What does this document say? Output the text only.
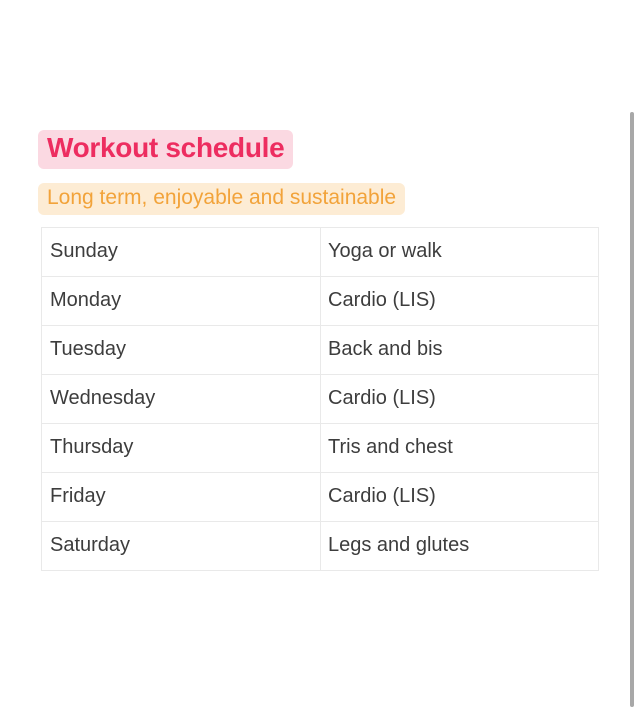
Workout schedule
Long term, enjoyable and sustainable
Sunday	Yoga or walk
Monday	Cardio (LIS)
Tuesday	Back and bis
Wednesday	Cardio (LIS)
Thursday	Tris and chest
Friday	Cardio (LIS)
Saturday	Legs and glutes
